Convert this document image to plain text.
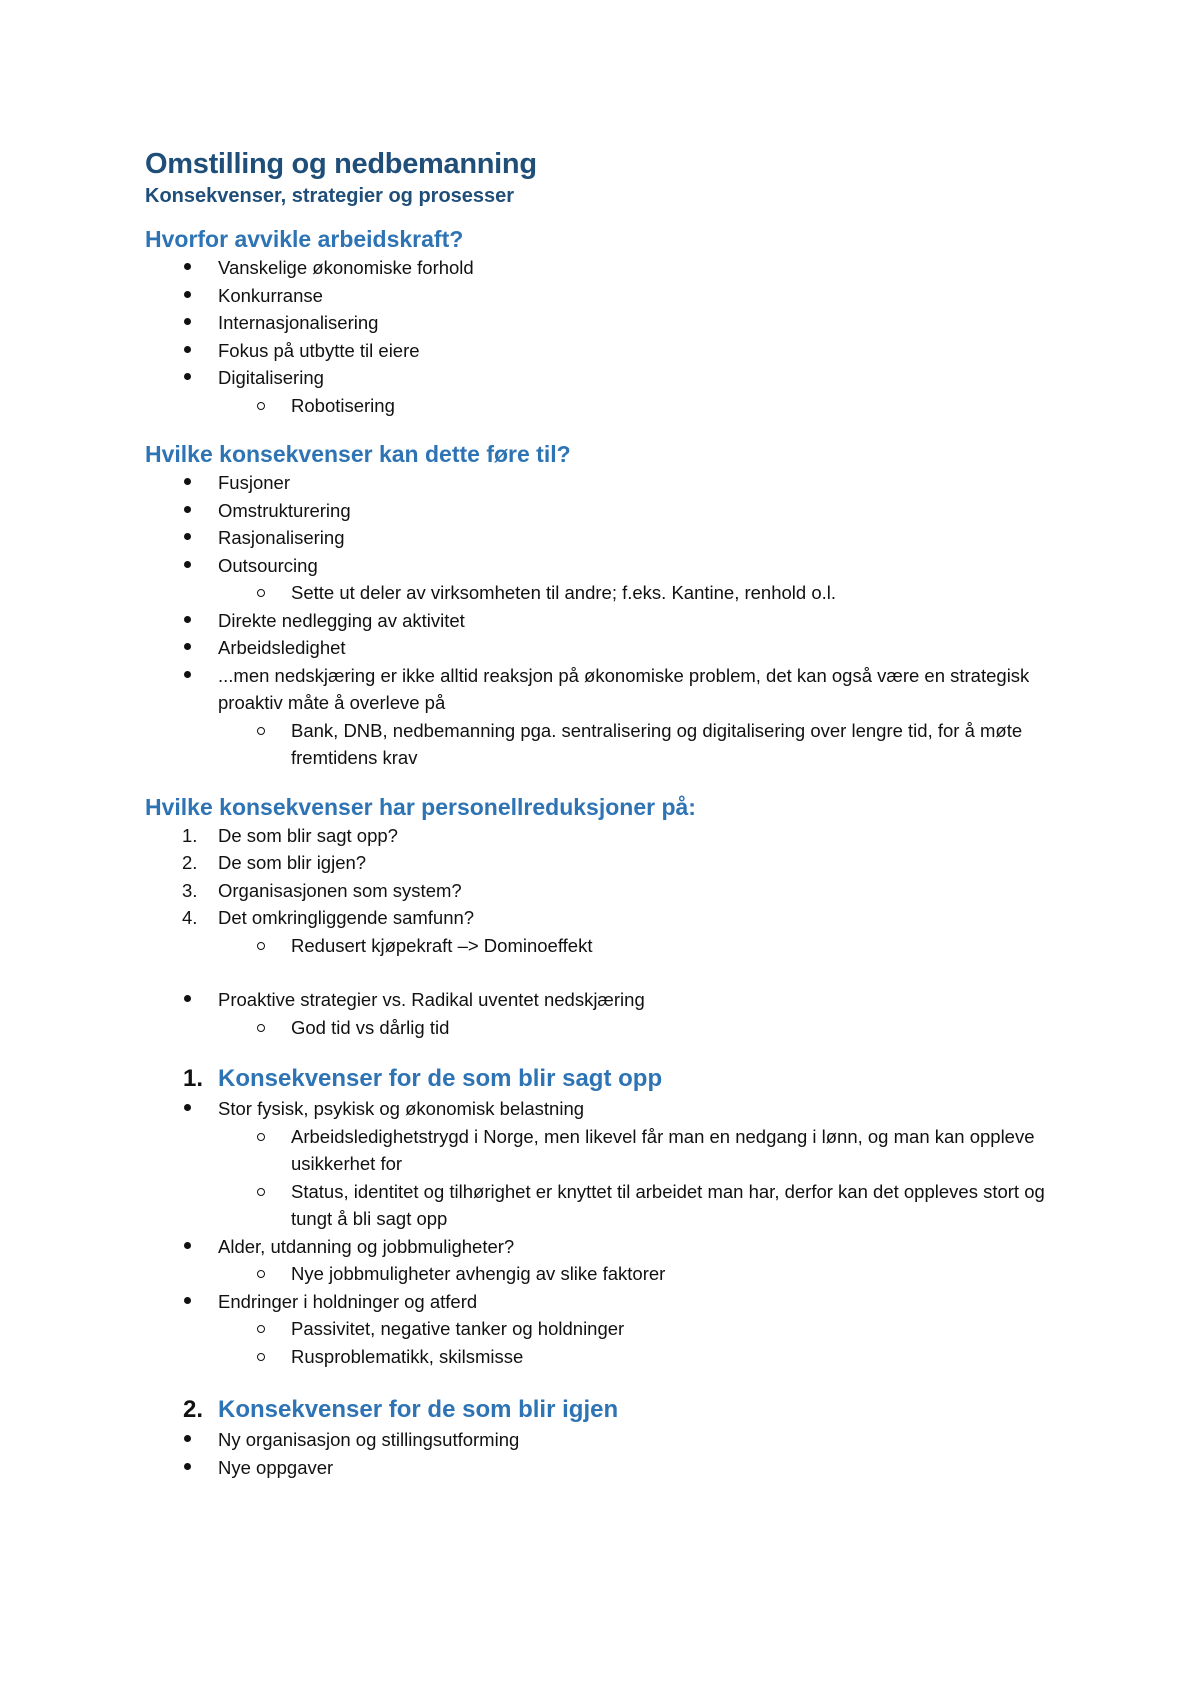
Omstilling og nedbemanning
Konsekvenser, strategier og prosesser
Hvorfor avvikle arbeidskraft?
Vanskelige økonomiske forhold
Konkurranse
Internasjonalisering
Fokus på utbytte til eiere
Digitalisering
Robotisering
Hvilke konsekvenser kan dette føre til?
Fusjoner
Omstrukturering
Rasjonalisering
Outsourcing
Sette ut deler av virksomheten til andre; f.eks. Kantine, renhold o.l.
Direkte nedlegging av aktivitet
Arbeidsledighet
...men nedskjæring er ikke alltid reaksjon på økonomiske problem, det kan også være en strategisk proaktiv måte å overleve på
Bank, DNB, nedbemanning pga. sentralisering og digitalisering over lengre tid, for å møte fremtidens krav
Hvilke konsekvenser har personellreduksjoner på:
1.	De som blir sagt opp?
2.	De som blir igjen?
3.	Organisasjonen som system?
4.	Det omkringliggende samfunn?
Redusert kjøpekraft –> Dominoeffekt
Proaktive strategier vs. Radikal uventet nedskjæring
God tid vs dårlig tid
1. Konsekvenser for de som blir sagt opp
Stor fysisk, psykisk og økonomisk belastning
Arbeidsledighetstrygd i Norge, men likevel får man en nedgang i lønn, og man kan oppleve usikkerhet for
Status, identitet og tilhørighet er knyttet til arbeidet man har, derfor kan det oppleves stort og tungt å bli sagt opp
Alder, utdanning og jobbmuligheter?
Nye jobbmuligheter avhengig av slike faktorer
Endringer i holdninger og atferd
Passivitet, negative tanker og holdninger
Rusproblematikk, skilsmisse
2. Konsekvenser for de som blir igjen
Ny organisasjon og stillingsutforming
Nye oppgaver
